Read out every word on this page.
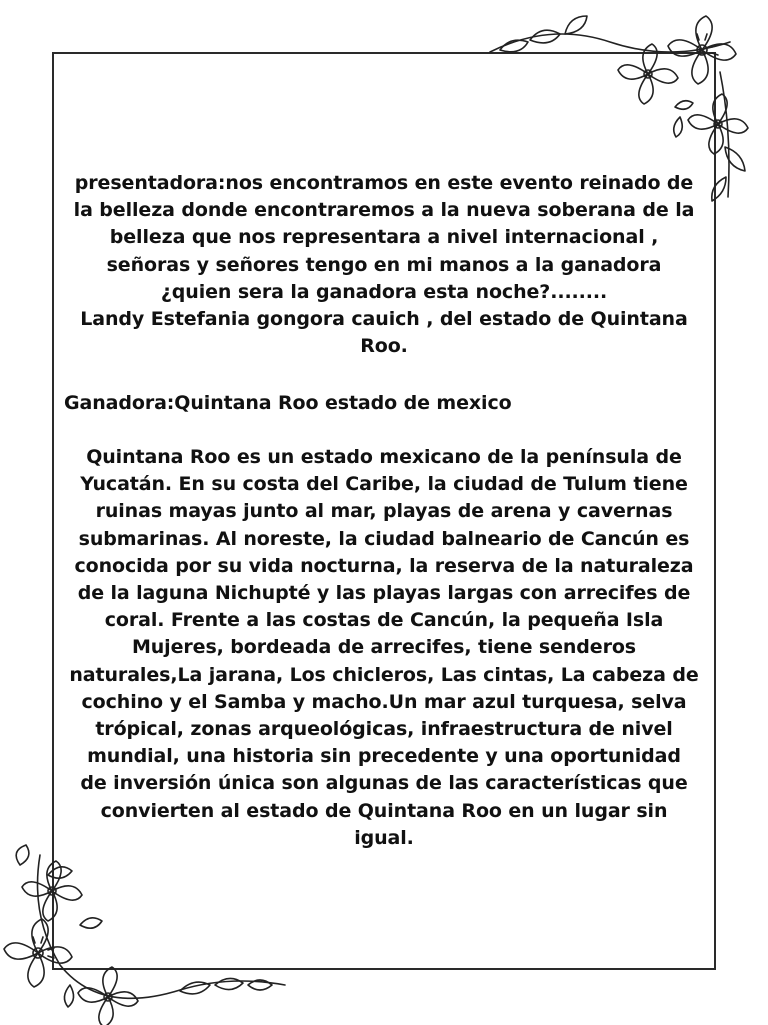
presentadora:nos encontramos en este evento reinado de
la belleza donde encontraremos a la nueva soberana de la
belleza que nos representara a nivel internacional ,
señoras y señores tengo en mi manos a la ganadora
¿quien sera la ganadora esta noche?........
Landy Estefania gongora cauich , del estado de Quintana
Roo.
Ganadora:Quintana Roo estado de mexico
Quintana Roo es un estado mexicano de la península de
Yucatán. En su costa del Caribe, la ciudad de Tulum tiene
ruinas mayas junto al mar, playas de arena y cavernas
submarinas. Al noreste, la ciudad balneario de Cancún es
conocida por su vida nocturna, la reserva de la naturaleza
de la laguna Nichupté y las playas largas con arrecifes de
coral. Frente a las costas de Cancún, la pequeña Isla
Mujeres, bordeada de arrecifes, tiene senderos
naturales,La jarana, Los chicleros, Las cintas, La cabeza de
cochino y el Samba y macho.Un mar azul turquesa, selva
trópical, zonas arqueológicas, infraestructura de nivel
mundial, una historia sin precedente y una oportunidad
de inversión única son algunas de las características que
convierten al estado de Quintana Roo en un lugar sin
igual.
